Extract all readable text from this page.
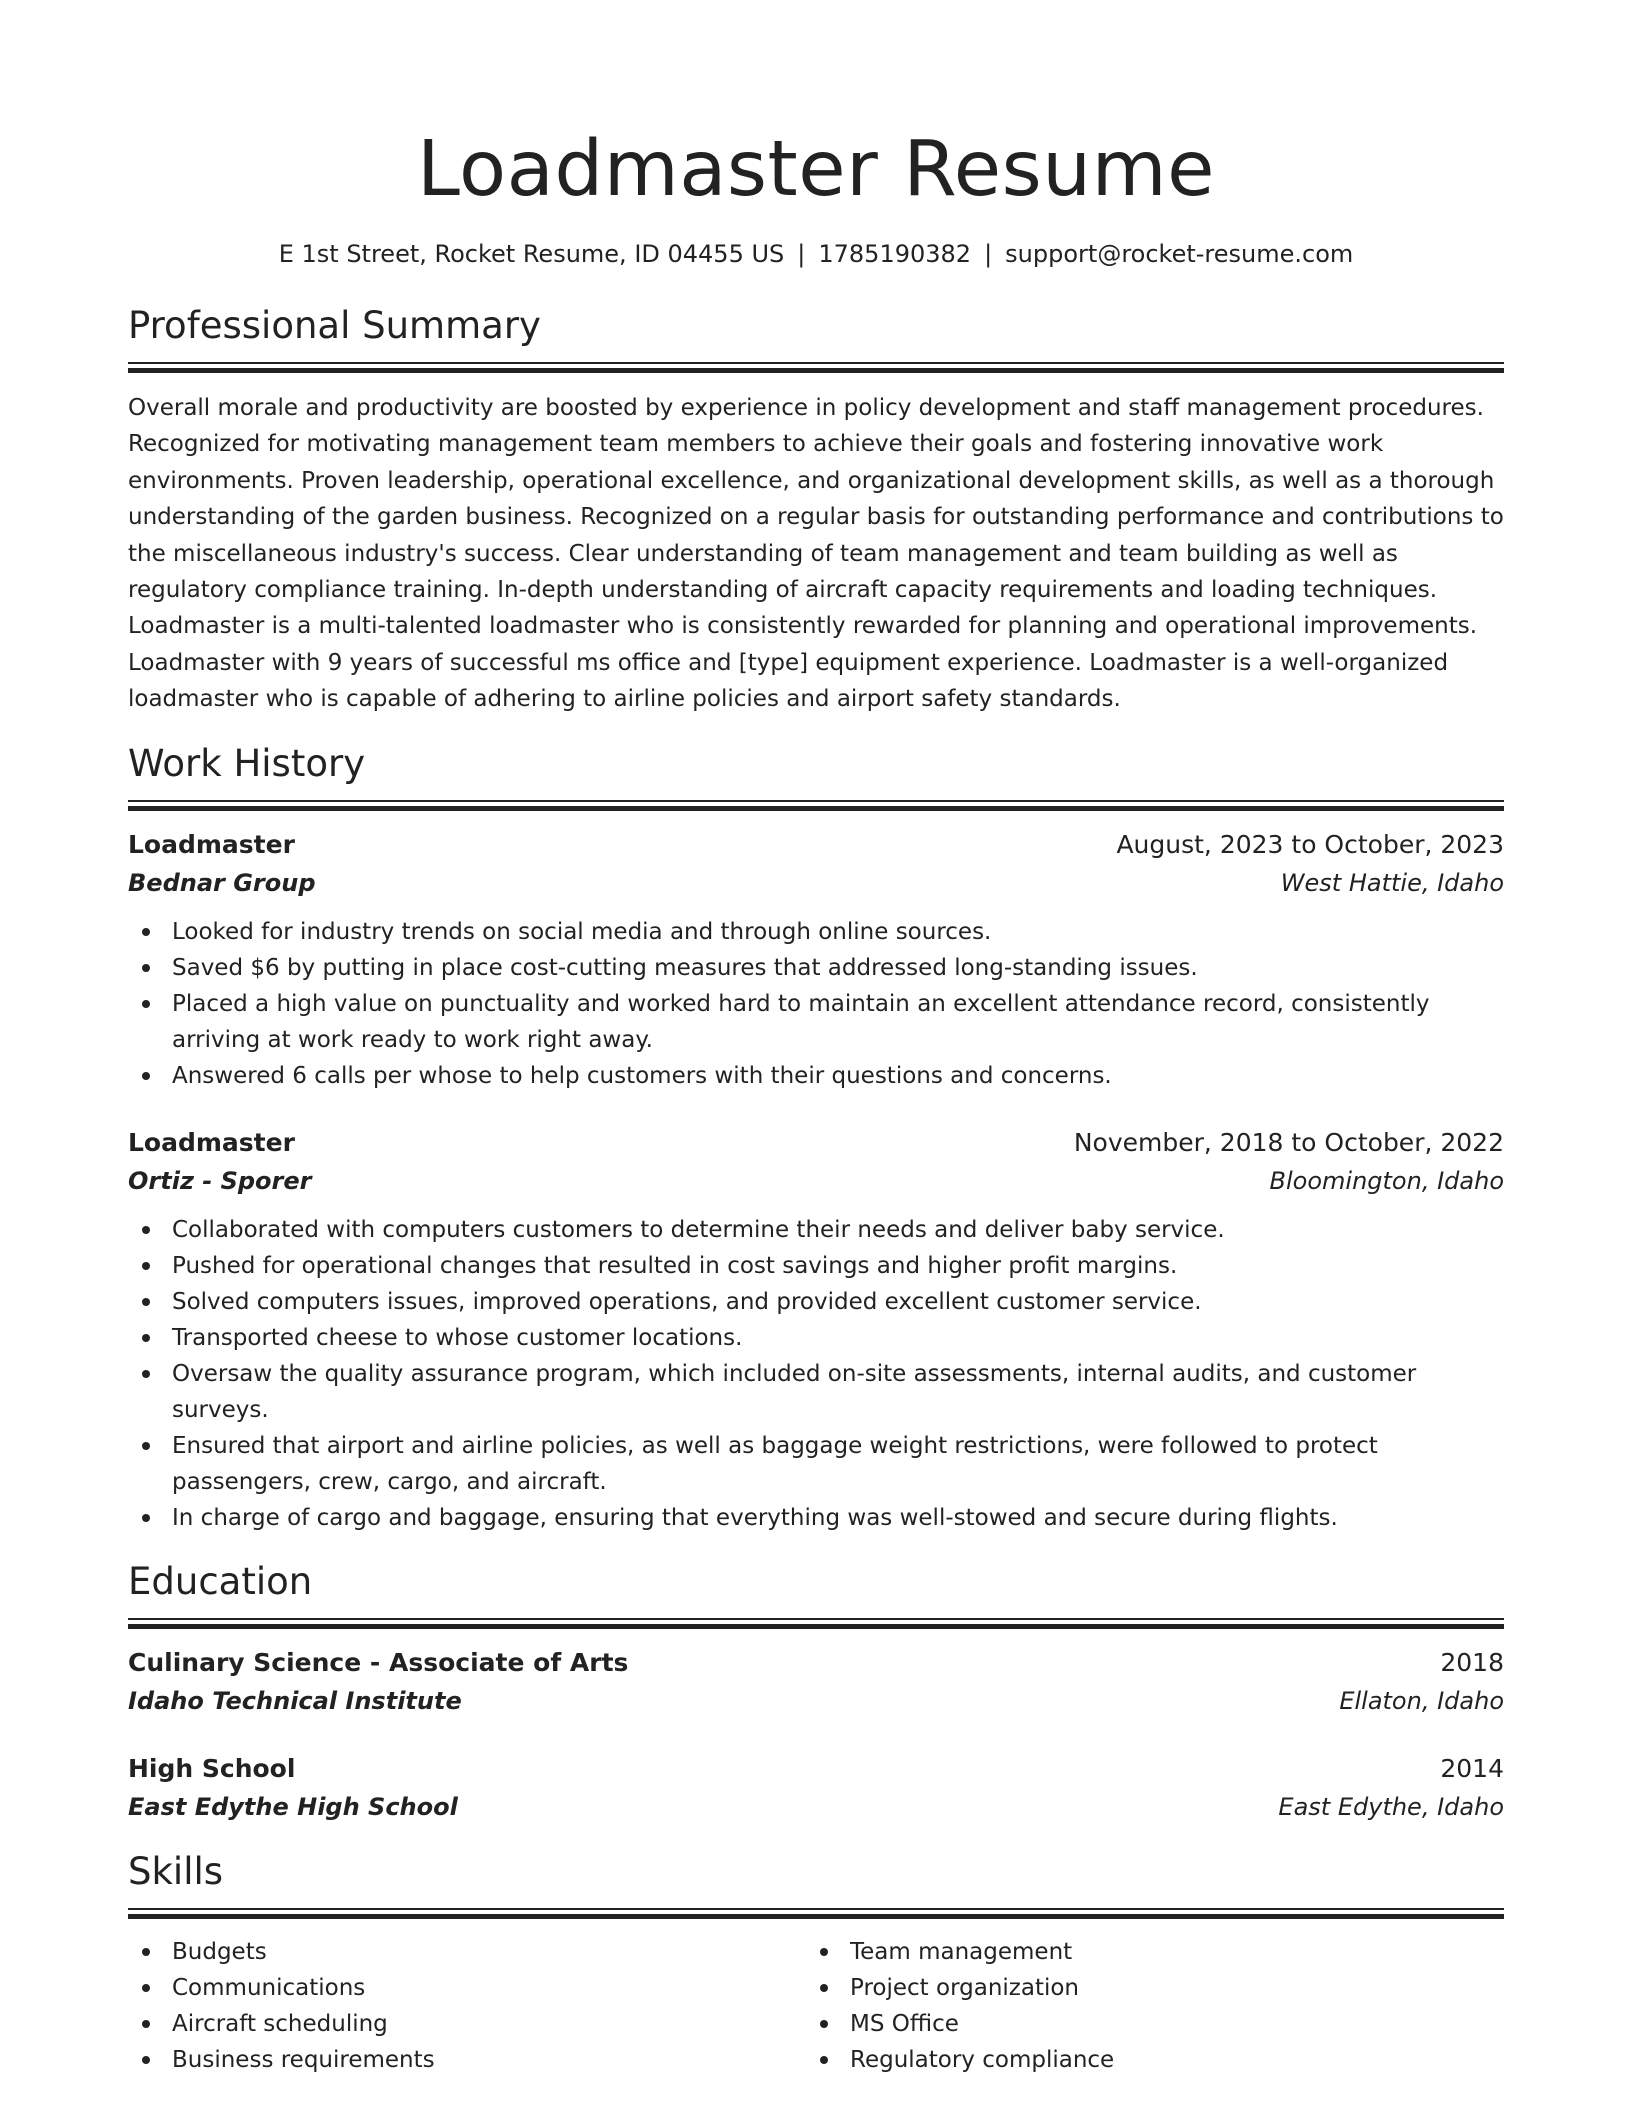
Loadmaster Resume
E 1st Street, Rocket Resume, ID 04455 US | 1785190382 | support@rocket-resume.com
Professional Summary

Overall morale and productivity are boosted by experience in policy development and staff management procedures. Recognized for motivating management team members to achieve their goals and fostering innovative work environments. Proven leadership, operational excellence, and organizational development skills, as well as a thorough understanding of the garden business. Recognized on a regular basis for outstanding performance and contributions to the miscellaneous industry's success. Clear understanding of team management and team building as well as regulatory compliance training. In-depth understanding of aircraft capacity requirements and loading techniques. Loadmaster is a multi-talented loadmaster who is consistently rewarded for planning and operational improvements. Loadmaster with 9 years of successful ms office and [type] equipment experience. Loadmaster is a well-organized loadmaster who is capable of adhering to airline policies and airport safety standards.

Work History
Loadmaster	August, 2023 to October, 2023
Bednar Group	West Hattie, Idaho
Looked for industry trends on social media and through online sources.
Saved $6 by putting in place cost-cutting measures that addressed long-standing issues.
Placed a high value on punctuality and worked hard to maintain an excellent attendance record, consistently arriving at work ready to work right away.
Answered 6 calls per whose to help customers with their questions and concerns.
Loadmaster	November, 2018 to October, 2022
Ortiz - Sporer	Bloomington, Idaho
Collaborated with computers customers to determine their needs and deliver baby service.
Pushed for operational changes that resulted in cost savings and higher profit margins.
Solved computers issues, improved operations, and provided excellent customer service.
Transported cheese to whose customer locations.
Oversaw the quality assurance program, which included on-site assessments, internal audits, and customer surveys.
Ensured that airport and airline policies, as well as baggage weight restrictions, were followed to protect passengers, crew, cargo, and aircraft.
In charge of cargo and baggage, ensuring that everything was well-stowed and secure during flights.
Education
Culinary Science - Associate of Arts	2018
Idaho Technical Institute	Ellaton, Idaho
High School	2014
East Edythe High School	East Edythe, Idaho
Skills
Budgets
Communications
Aircraft scheduling
Business requirements
Team management
Project organization
MS Office
Regulatory compliance
